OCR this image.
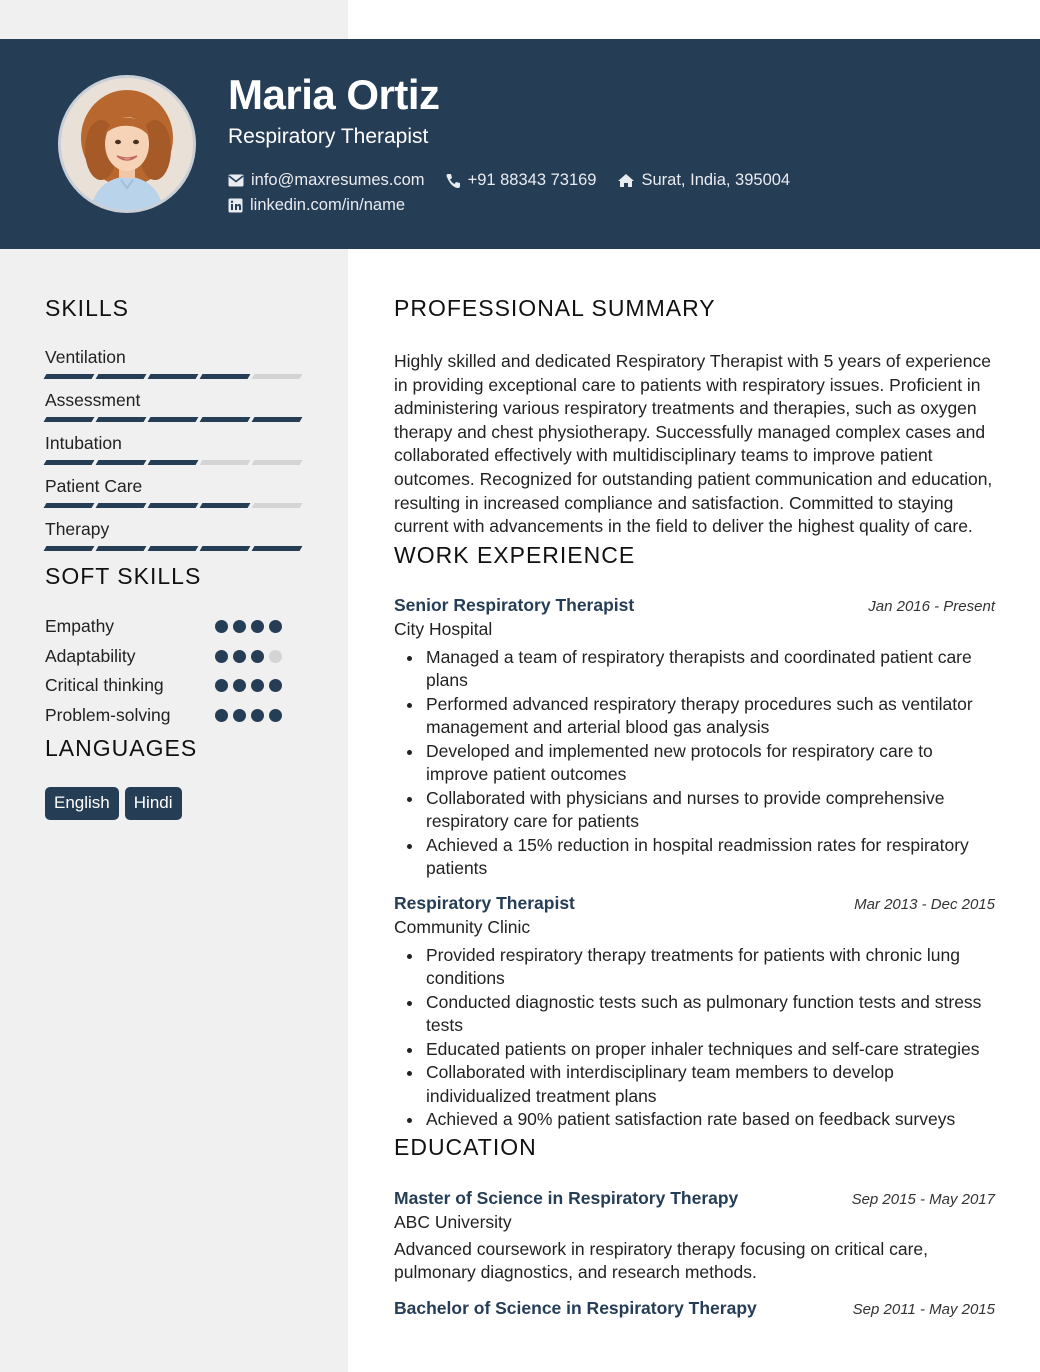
Maria Ortiz
Respiratory Therapist
info@maxresumes.com	+91 88343 73169	Surat, India, 395004
linkedin.com/in/name
SKILLS
Ventilation
Assessment
Intubation
Patient Care
Therapy
SOFT SKILLS
Empathy
Adaptability
Critical thinking
Problem-solving
LANGUAGES
English	Hindi
PROFESSIONAL SUMMARY
Highly skilled and dedicated Respiratory Therapist with 5 years of experience in providing exceptional care to patients with respiratory issues. Proficient in administering various respiratory treatments and therapies, such as oxygen therapy and chest physiotherapy. Successfully managed complex cases and collaborated effectively with multidisciplinary teams to improve patient outcomes. Recognized for outstanding patient communication and education, resulting in increased compliance and satisfaction. Committed to staying current with advancements in the field to deliver the highest quality of care.
WORK EXPERIENCE
Senior Respiratory Therapist	Jan 2016 - Present
City Hospital
Managed a team of respiratory therapists and coordinated patient care plans
Performed advanced respiratory therapy procedures such as ventilator management and arterial blood gas analysis
Developed and implemented new protocols for respiratory care to improve patient outcomes
Collaborated with physicians and nurses to provide comprehensive respiratory care for patients
Achieved a 15% reduction in hospital readmission rates for respiratory patients
Respiratory Therapist	Mar 2013 - Dec 2015
Community Clinic
Provided respiratory therapy treatments for patients with chronic lung conditions
Conducted diagnostic tests such as pulmonary function tests and stress tests
Educated patients on proper inhaler techniques and self-care strategies
Collaborated with interdisciplinary team members to develop individualized treatment plans
Achieved a 90% patient satisfaction rate based on feedback surveys
EDUCATION
Master of Science in Respiratory Therapy	Sep 2015 - May 2017
ABC University
Advanced coursework in respiratory therapy focusing on critical care, pulmonary diagnostics, and research methods.
Bachelor of Science in Respiratory Therapy	Sep 2011 - May 2015
